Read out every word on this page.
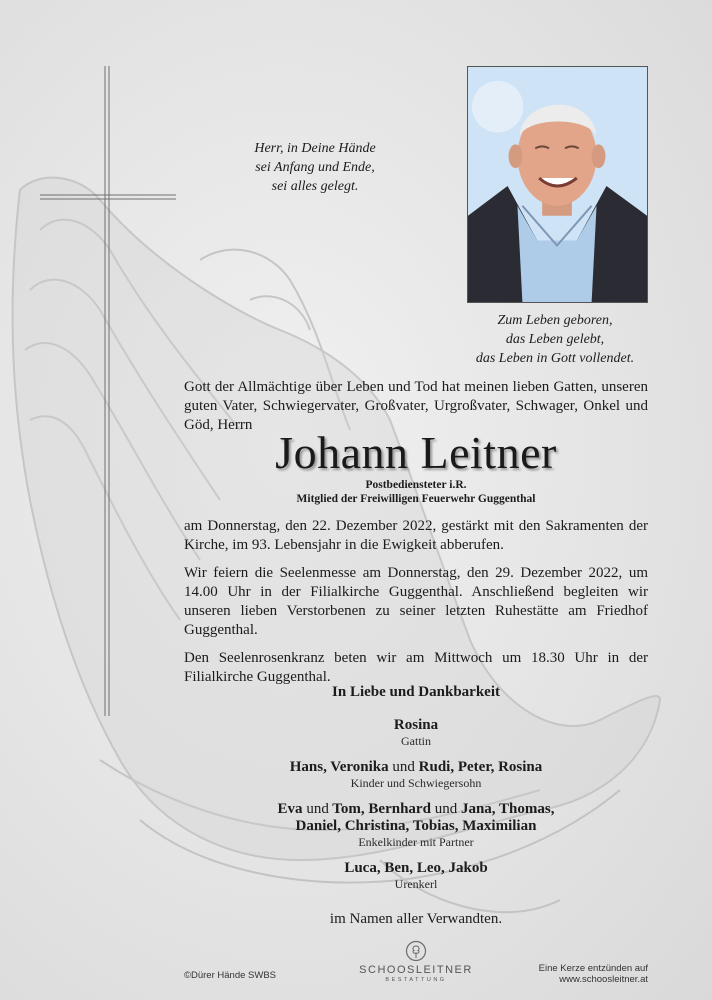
Herr, in Deine Hände
sei Anfang und Ende,
sei alles gelegt.
Zum Leben geboren,
das Leben gelebt,
das Leben in Gott vollendet.
Gott der Allmächtige über Leben und Tod hat meinen lieben Gatten, unseren guten Vater, Schwiegervater, Großvater, Urgroßvater, Schwager, Onkel und Göd, Herrn
Johann Leitner
Postbediensteter i.R.
Mitglied der Freiwilligen Feuerwehr Guggenthal

am Donnerstag, den 22. Dezember 2022, gestärkt mit den Sakramenten der Kirche, im 93. Lebensjahr in die Ewigkeit abberufen.

Wir feiern die Seelenmesse am Donnerstag, den 29. Dezember 2022, um 14.00 Uhr in der Filialkirche Guggenthal. Anschließend begleiten wir unseren lieben Verstorbenen zu seiner letzten Ruhestätte am Friedhof Guggenthal.

Den Seelenrosenkranz beten wir am Mittwoch um 18.30 Uhr in der Filialkirche Guggenthal.

In Liebe und Dankbarkeit
Rosina
Gattin
Hans, Veronika und Rudi, Peter, Rosina
Kinder und Schwiegersohn
Eva und Tom, Bernhard und Jana, Thomas,
Daniel, Christina, Tobias, Maximilian
Enkelkinder mit Partner
Luca, Ben, Leo, Jakob
Urenkerl
im Namen aller Verwandten.
©Dürer Hände SWBS	SCHOOSLEITNER
BESTATTUNG
Eine Kerze entzünden auf
www.schoosleitner.at
